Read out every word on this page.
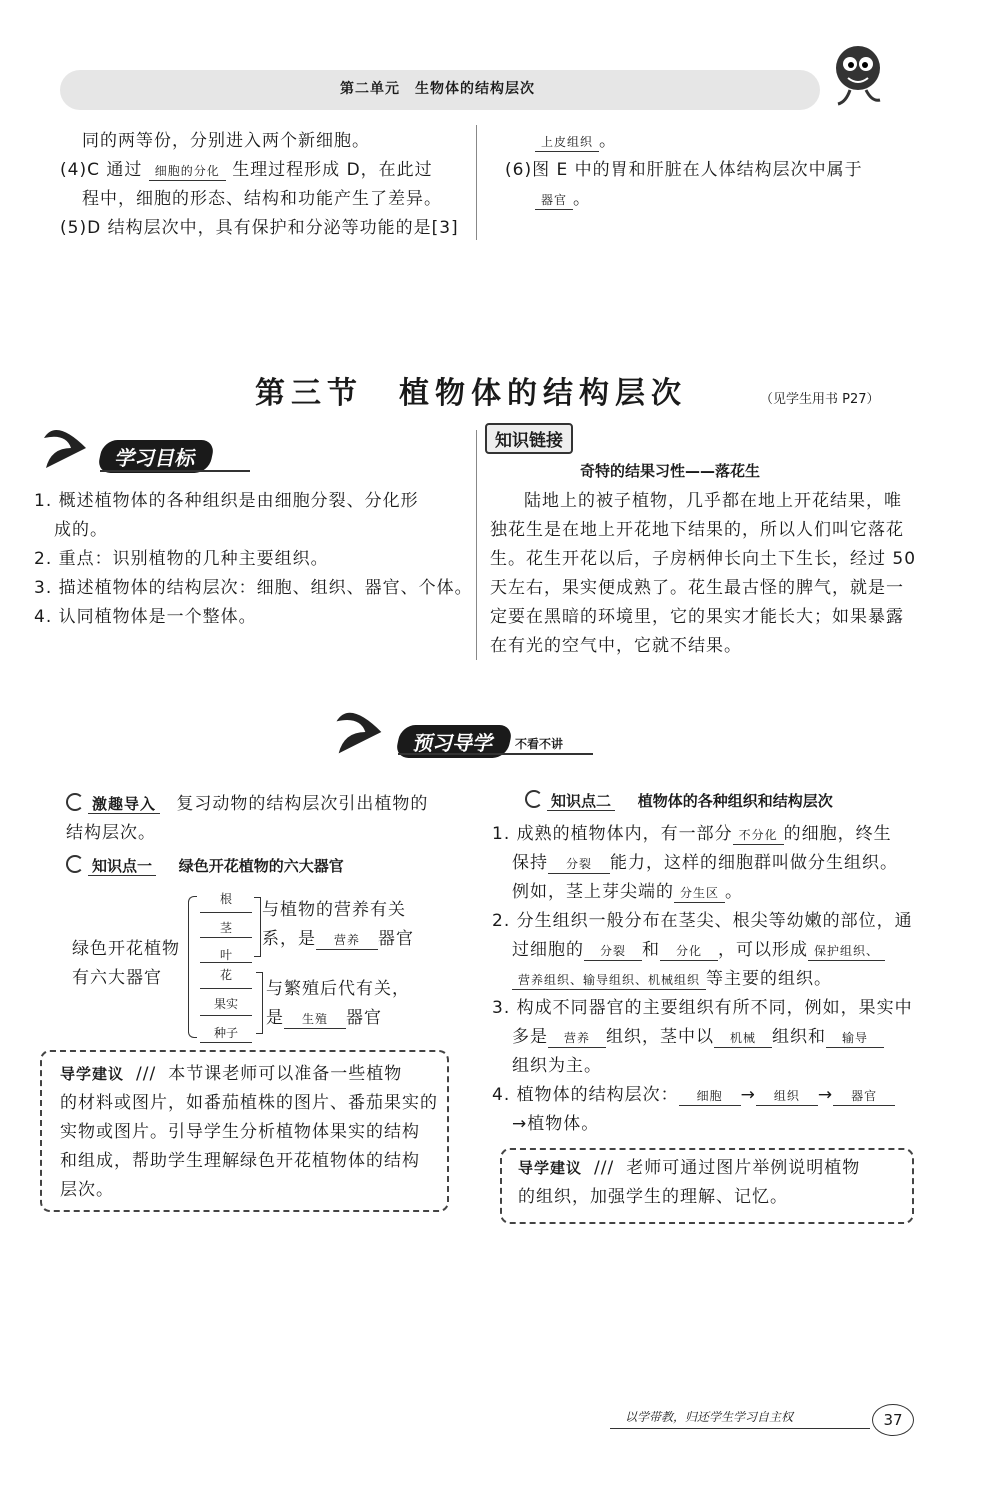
第二单元　生物体的结构层次
同的两等份，分别进入两个新细胞。
(4)C 通过 细胞的分化 生理过程形成 D，在此过
程中，细胞的形态、结构和功能产生了差异。
(5)D 结构层次中，具有保护和分泌等功能的是[3]
上皮组织 。
(6)图 E 中的胃和肝脏在人体结构层次中属于
器官 。
第三节　植物体的结构层次	（见学生用书 P27）
学习目标
1. 概述植物体的各种组织是由细胞分裂、分化形
成的。
2. 重点：识别植物的几种主要组织。
3. 描述植物体的结构层次：细胞、组织、器官、个体。
4. 认同植物体是一个整体。
知识链接
奇特的结果习性——落花生
陆地上的被子植物，几乎都在地上开花结果，唯
独花生是在地上开花地下结果的，所以人们叫它落花
生。花生开花以后，子房柄伸长向土下生长，经过 50
天左右，果实便成熟了。花生最古怪的脾气，就是一
定要在黑暗的环境里，它的果实才能长大；如果暴露
在有光的空气中，它就不结果。
预习导学	不看不讲
激趣导入 复习动物的结构层次引出植物的
结构层次。
知识点一 绿色开花植物的六大器官
绿色开花植物
有六大器官
根
茎
叶
与植物的营养有关
系，是 营养 器官
花
果实
种子
与繁殖后代有关，
是 生殖 器官
导学建议 /// 本节课老师可以准备一些植物
的材料或图片，如番茄植株的图片、番茄果实的
实物或图片。引导学生分析植物体果实的结构
和组成，帮助学生理解绿色开花植物体的结构
层次。
知识点二 植物体的各种组织和结构层次
1. 成熟的植物体内，有一部分 不分化 的细胞，终生
保持 分裂 能力，这样的细胞群叫做分生组织。
例如，茎上芽尖端的 分生区 。
2. 分生组织一般分布在茎尖、根尖等幼嫩的部位，通
过细胞的 分裂 和 分化 ，可以形成 保护组织、
营养组织、输导组织、机械组织 等主要的组织。
3. 构成不同器官的主要组织有所不同，例如，果实中
多是 营养 组织，茎中以 机械 组织和 输导
组织为主。
4. 植物体的结构层次： 细胞 → 组织 → 器官
→植物体。
导学建议 /// 老师可通过图片举例说明植物
的组织，加强学生的理解、记忆。
以学带教，归还学生学习自主权	37
